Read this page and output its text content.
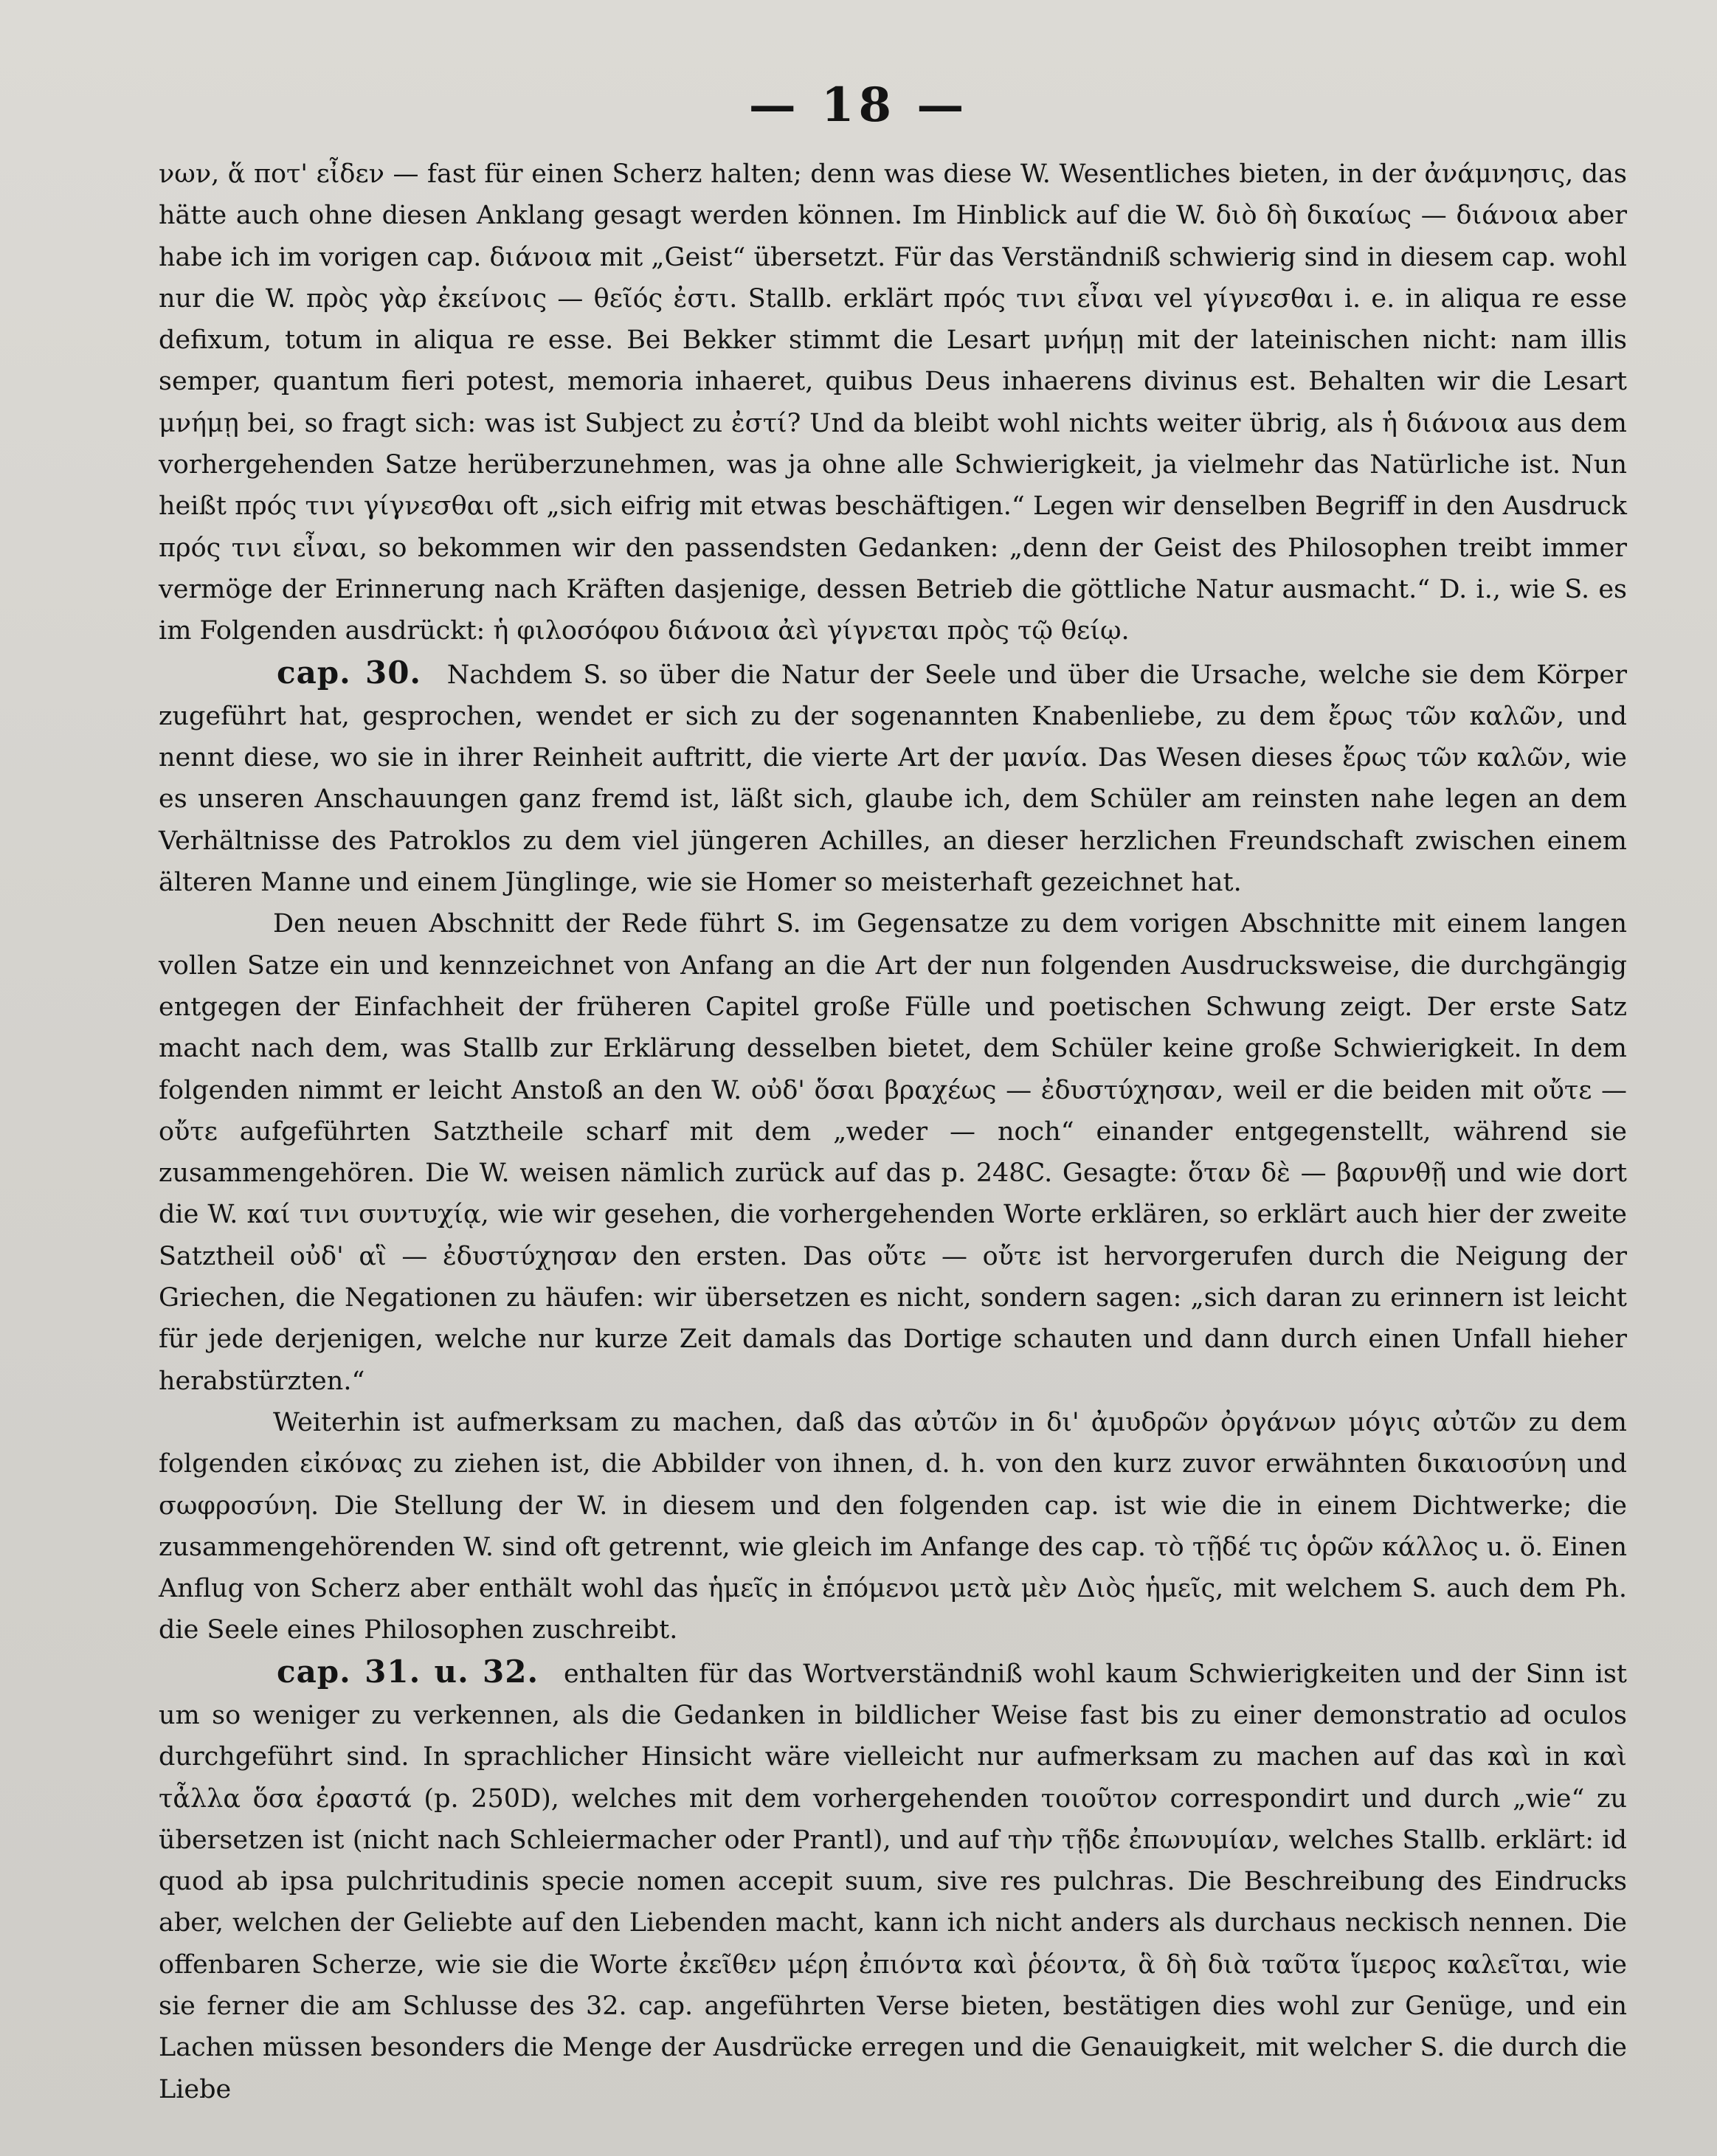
— 18 —

νων, ἅ ποτ' εἶδεν — fast für einen Scherz halten; denn was diese W. Wesentliches bieten, in der ἀνάμνησις, das hätte auch ohne diesen Anklang gesagt werden können. Im Hinblick auf die W. διὸ δὴ δικαίως — διάνοια aber habe ich im vorigen cap. διάνοια mit „Geist“ übersetzt. Für das Verständniß schwierig sind in diesem cap. wohl nur die W. πρὸς γὰρ ἐκείνοις — θεῖός ἐστι. Stallb. erklärt πρός τινι εἶναι vel γίγνεσθαι i. e. in aliqua re esse defixum, totum in aliqua re esse. Bei Bekker stimmt die Lesart μνήμῃ mit der lateinischen nicht: nam illis semper, quantum fieri potest, memoria inhaeret, quibus Deus inhaerens divinus est. Behalten wir die Lesart μνήμῃ bei, so fragt sich: was ist Subject zu ἐστί? Und da bleibt wohl nichts weiter übrig, als ἡ διάνοια aus dem vorhergehenden Satze herüberzunehmen, was ja ohne alle Schwierigkeit, ja vielmehr das Natürliche ist. Nun heißt πρός τινι γίγνεσθαι oft „sich eifrig mit etwas beschäftigen.“ Legen wir denselben Begriff in den Ausdruck πρός τινι εἶναι, so bekommen wir den passendsten Gedanken: „denn der Geist des Philosophen treibt immer vermöge der Erinnerung nach Kräften dasjenige, dessen Betrieb die göttliche Natur ausmacht.“ D. i., wie S. es im Folgenden ausdrückt: ἡ φιλοσόφου διάνοια ἀεὶ γίγνεται πρὸς τῷ θείῳ.

cap. 30. Nachdem S. so über die Natur der Seele und über die Ursache, welche sie dem Körper zugeführt hat, gesprochen, wendet er sich zu der sogenannten Knabenliebe, zu dem ἔρως τῶν καλῶν, und nennt diese, wo sie in ihrer Reinheit auftritt, die vierte Art der μανία. Das Wesen dieses ἔρως τῶν καλῶν, wie es unseren Anschauungen ganz fremd ist, läßt sich, glaube ich, dem Schüler am reinsten nahe legen an dem Verhältnisse des Patroklos zu dem viel jüngeren Achilles, an dieser herzlichen Freundschaft zwischen einem älteren Manne und einem Jünglinge, wie sie Homer so meisterhaft gezeichnet hat.

Den neuen Abschnitt der Rede führt S. im Gegensatze zu dem vorigen Abschnitte mit einem langen vollen Satze ein und kennzeichnet von Anfang an die Art der nun folgenden Ausdrucksweise, die durchgängig entgegen der Einfachheit der früheren Capitel große Fülle und poetischen Schwung zeigt. Der erste Satz macht nach dem, was Stallb zur Erklärung desselben bietet, dem Schüler keine große Schwierigkeit. In dem folgenden nimmt er leicht Anstoß an den W. οὐδ' ὅσαι βραχέως — ἐδυστύχησαν, weil er die beiden mit οὔτε — οὔτε aufgeführten Satztheile scharf mit dem „weder — noch“ einander entgegenstellt, während sie zusammengehören. Die W. weisen nämlich zurück auf das p. 248C. Gesagte: ὅταν δὲ — βαρυνθῇ und wie dort die W. καί τινι συντυχίᾳ, wie wir gesehen, die vorhergehenden Worte erklären, so erklärt auch hier der zweite Satztheil οὐδ' αἳ — ἐδυστύχησαν den ersten. Das οὔτε — οὔτε ist hervorgerufen durch die Neigung der Griechen, die Negationen zu häufen: wir übersetzen es nicht, sondern sagen: „sich daran zu erinnern ist leicht für jede derjenigen, welche nur kurze Zeit damals das Dortige schauten und dann durch einen Unfall hieher herabstürzten.“

Weiterhin ist aufmerksam zu machen, daß das αὐτῶν in δι' ἀμυδρῶν ὀργάνων μόγις αὐτῶν zu dem folgenden εἰκόνας zu ziehen ist, die Abbilder von ihnen, d. h. von den kurz zuvor erwähnten δικαιοσύνη und σωφροσύνη. Die Stellung der W. in diesem und den folgenden cap. ist wie die in einem Dichtwerke; die zusammengehörenden W. sind oft getrennt, wie gleich im Anfange des cap. τὸ τῇδέ τις ὁρῶν κάλλος u. ö. Einen Anflug von Scherz aber enthält wohl das ἡμεῖς in ἑπόμενοι μετὰ μὲν Διὸς ἡμεῖς, mit welchem S. auch dem Ph. die Seele eines Philosophen zuschreibt.

cap. 31. u. 32. enthalten für das Wortverständniß wohl kaum Schwierigkeiten und der Sinn ist um so weniger zu verkennen, als die Gedanken in bildlicher Weise fast bis zu einer demonstratio ad oculos durchgeführt sind. In sprachlicher Hinsicht wäre vielleicht nur aufmerksam zu machen auf das καὶ in καὶ τἆλλα ὅσα ἐραστά (p. 250D), welches mit dem vorhergehenden τοιοῦτον correspondirt und durch „wie“ zu übersetzen ist (nicht nach Schleiermacher oder Prantl), und auf τὴν τῇδε ἐπωνυμίαν, welches Stallb. erklärt: id quod ab ipsa pulchritudinis specie nomen accepit suum, sive res pulchras. Die Beschreibung des Eindrucks aber, welchen der Geliebte auf den Liebenden macht, kann ich nicht anders als durchaus neckisch nennen. Die offenbaren Scherze, wie sie die Worte ἐκεῖθεν μέρη ἐπιόντα καὶ ῥέοντα, ἃ δὴ διὰ ταῦτα ἵμερος καλεῖται, wie sie ferner die am Schlusse des 32. cap. angeführten Verse bieten, bestätigen dies wohl zur Genüge, und ein Lachen müssen besonders die Menge der Ausdrücke erregen und die Genauigkeit, mit welcher S. die durch die Liebe
